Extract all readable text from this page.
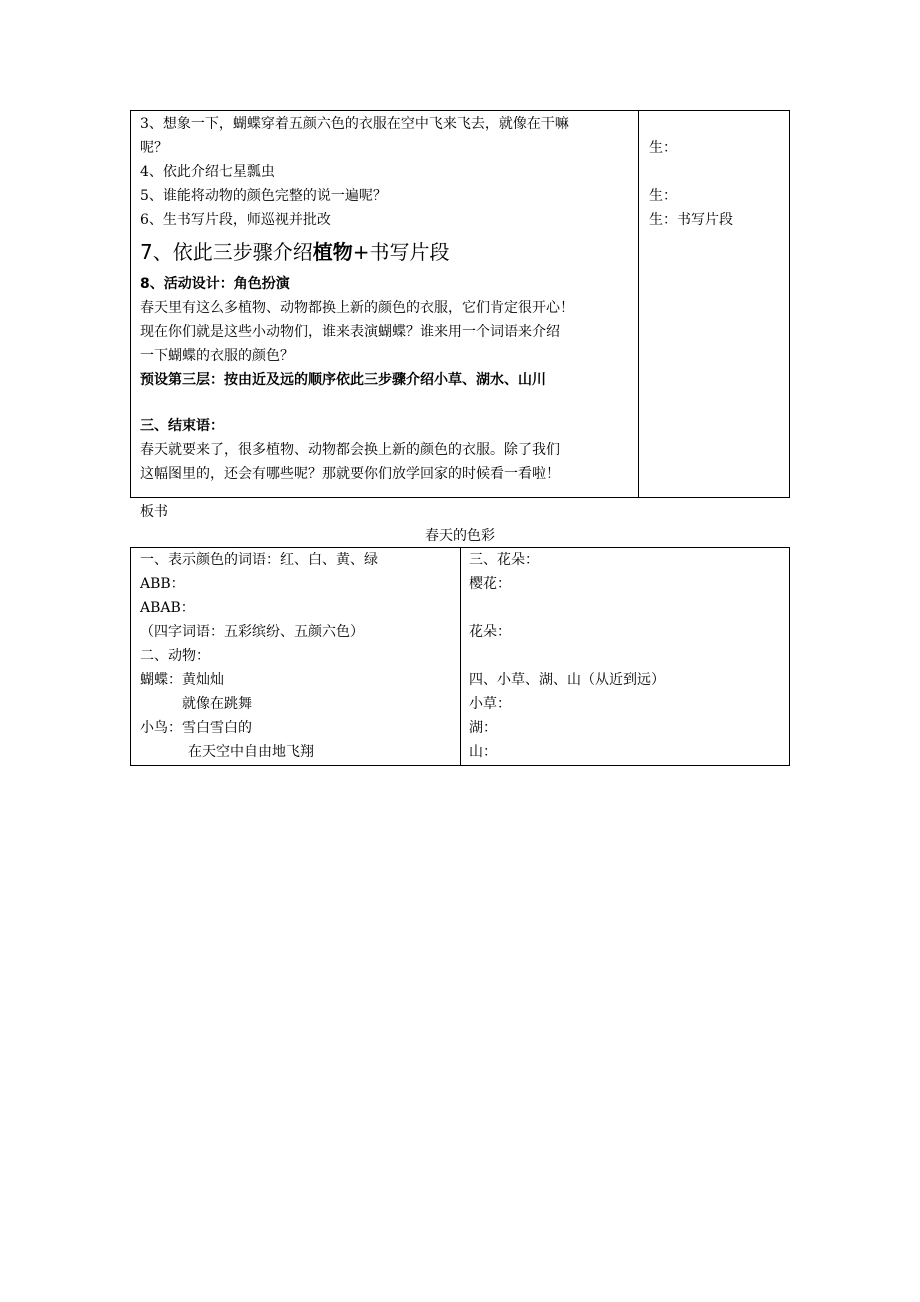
3、想象一下，蝴蝶穿着五颜六色的衣服在空中飞来飞去，就像在干嘛
呢？
4、依此介绍七星瓢虫
5、谁能将动物的颜色完整的说一遍呢？
6、生书写片段，师巡视并批改
7、依此三步骤介绍植物+书写片段
8、活动设计：角色扮演
春天里有这么多植物、动物都换上新的颜色的衣服，它们肯定很开心！
现在你们就是这些小动物们，谁来表演蝴蝶？谁来用一个词语来介绍
一下蝴蝶的衣服的颜色？
预设第三层：按由近及远的顺序依此三步骤介绍小草、湖水、山川
三、结束语：
春天就要来了，很多植物、动物都会换上新的颜色的衣服。除了我们
这幅图里的，还会有哪些呢？那就要你们放学回家的时候看一看啦！
生：
生：
生：书写片段
板书
春天的色彩
一、表示颜色的词语：红、白、黄、绿
ABB：
ABAB：
（四字词语：五彩缤纷、五颜六色）
二、动物：
蝴蝶：黄灿灿
就像在跳舞
小鸟：雪白雪白的
在天空中自由地飞翔
三、花朵：
樱花：
花朵：
四、小草、湖、山（从近到远）
小草：
湖：
山：
